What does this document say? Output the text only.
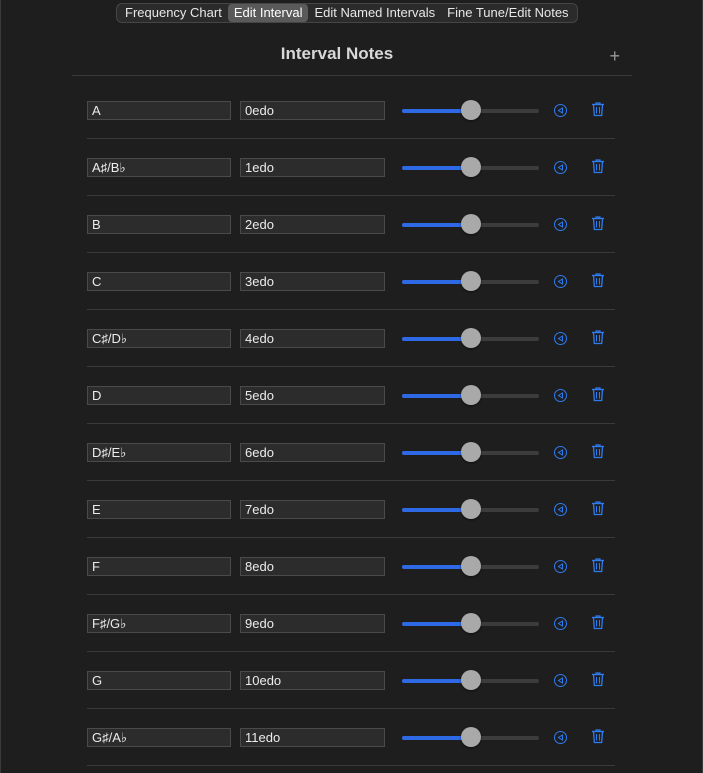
Frequency Chart Edit Interval Edit Named Intervals Fine Tune/Edit Notes
Interval Notes	+
A	0edo
A♯/B♭	1edo
B	2edo
C	3edo
C♯/D♭	4edo
D	5edo
D♯/E♭	6edo
E	7edo
F	8edo
F♯/G♭	9edo
G	10edo
G♯/A♭	11edo
